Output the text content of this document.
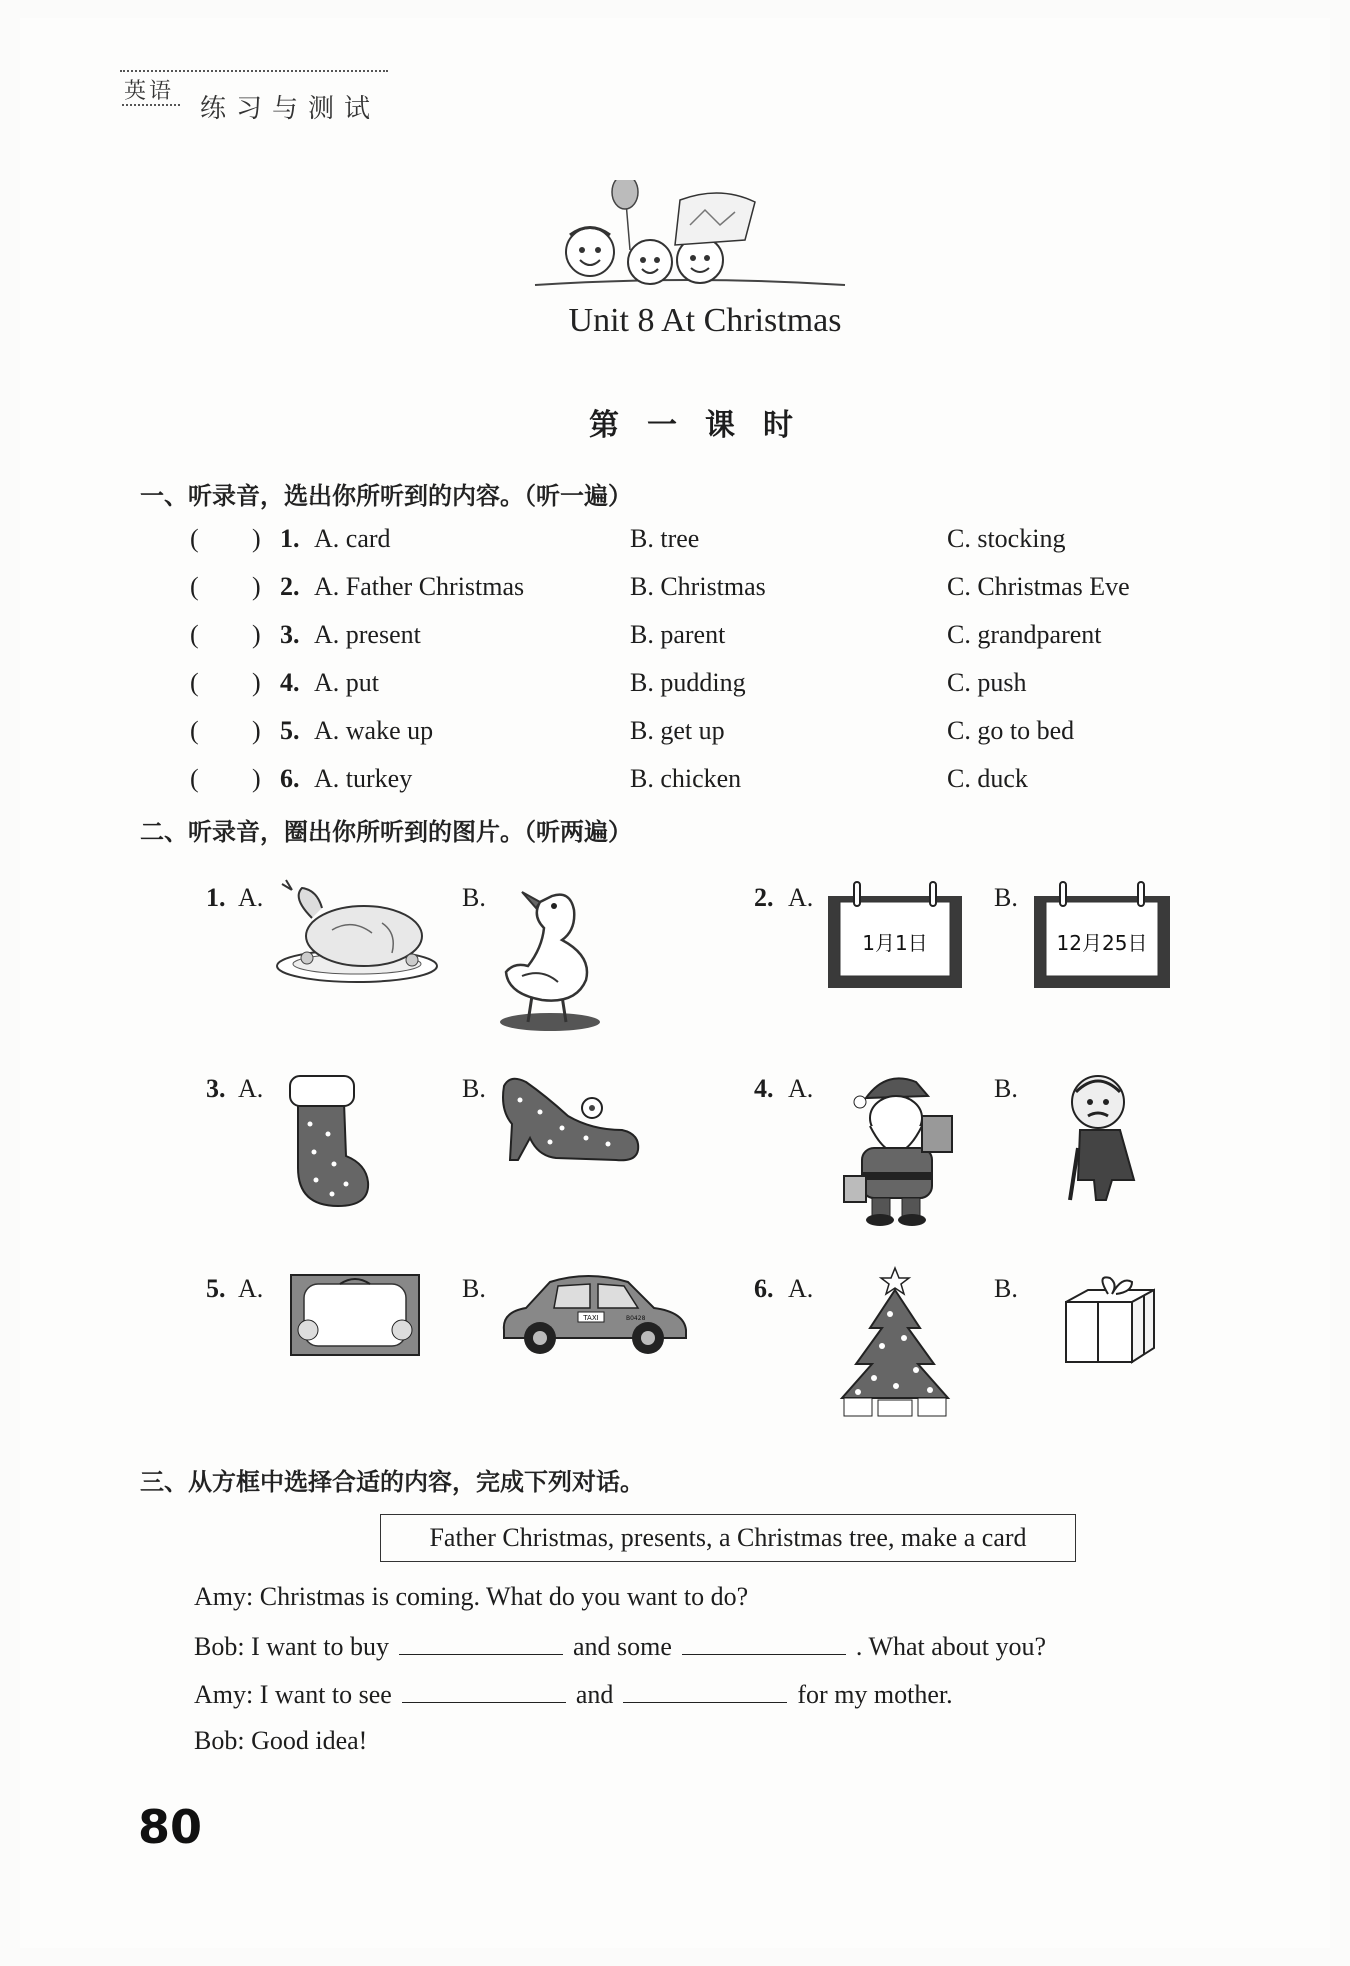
英语
练习与测试
Unit 8 At Christmas
第一课时
一、听录音，选出你所听到的内容。（听一遍）
( ) 1. A. card	B. tree	C. stocking
( ) 2. A. Father Christmas	B. Christmas	C. Christmas Eve
( ) 3. A. present	B. parent	C. grandparent
( ) 4. A. put	B. pudding	C. push
( ) 5. A. wake up	B. get up	C. go to bed
( ) 6. A. turkey	B. chicken	C. duck
二、听录音，圈出你所听到的图片。（听两遍）
1. A.	B.	2. A.	B.
1月1日	12月25日
3. A.	B.	4. A.	B.
5. A.	B.	6. A.	B.
TAXI	B0428
三、从方框中选择合适的内容，完成下列对话。
Father Christmas, presents, a Christmas tree, make a card
Amy: Christmas is coming. What do you want to do?
Bob: I want to buy	and some	. What about you?
Amy: I want to see	and	for my mother.
Bob: Good idea!
80
